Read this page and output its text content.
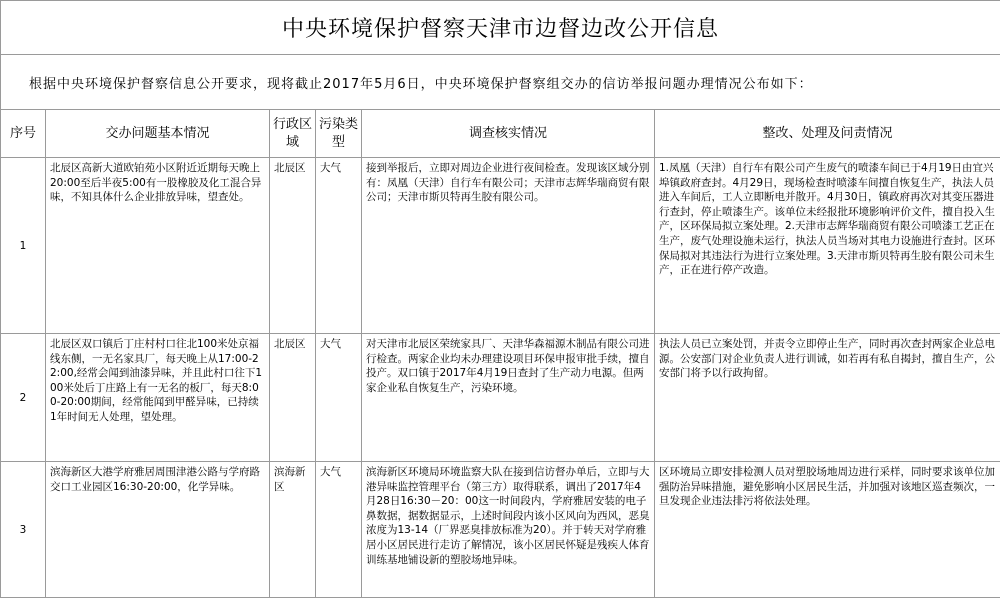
中央环境保护督察天津市边督边改公开信息					
根据中央环境保护督察信息公开要求，现将截止2017年5月6日，中央环境保护督察组交办的信访举报问题办理情况公布如下：					
序号	交办问题基本情况	行政区域	污染类型	调查核实情况	整改、处理及问责情况
1	北辰区高新大道欧铂苑小区附近近期每天晚上20:00至后半夜5:00有一股橡胶及化工混合异味，不知具体什么企业排放异味，望查处。	北辰区	大气	接到举报后，立即对周边企业进行夜间检查。发现该区域分别有：凤凰（天津）自行车有限公司；天津市志辉华瑞商贸有限公司；天津市斯贝特再生胶有限公司。	1.凤凰（天津）自行车有限公司产生废气的喷漆车间已于4月19日由宜兴埠镇政府查封。4月29日，现场检查时喷漆车间擅自恢复生产，执法人员进入车间后，工人立即断电并散开。4月30日，镇政府再次对其变压器进行查封，停止喷漆生产。该单位未经报批环境影响评价文件，擅自投入生产，区环保局拟立案处理。2.天津市志辉华瑞商贸有限公司喷漆工艺正在生产，废气处理设施未运行，执法人员当场对其电力设施进行查封。区环保局拟对其违法行为进行立案处理。3.天津市斯贝特再生胶有限公司未生产，正在进行停产改造。
2	北辰区双口镇后丁庄村村口往北100米处京福线东侧，一无名家具厂，每天晚上从17:00-22:00,经常会闻到油漆异味，并且此村口往下100米处后丁庄路上有一无名的板厂，每天8:00-20:00期间，经常能闻到甲醛异味，已持续1年时间无人处理，望处理。	北辰区	大气	对天津市北辰区荣统家具厂、天津华森福源木制品有限公司进行检查。两家企业均未办理建设项目环保申报审批手续，擅自投产。双口镇于2017年4月19日查封了生产动力电源。但两家企业私自恢复生产，污染环境。	执法人员已立案处罚，并责令立即停止生产，同时再次查封两家企业总电源。公安部门对企业负责人进行训诫，如若再有私自揭封，擅自生产，公安部门将予以行政拘留。
3	滨海新区大港学府雅居周围津港公路与学府路交口工业园区16:30-20:00，化学异味。	滨海新区	大气	滨海新区环境局环境监察大队在接到信访督办单后，立即与大港异味监控管理平台（第三方）取得联系，调出了2017年4月28日16:30－20：00这一时间段内，学府雅居安装的电子鼻数据，据数据显示，上述时间段内该小区风向为西风，恶臭浓度为13-14（厂界恶臭排放标准为20）。并于转天对学府雅居小区居民进行走访了解情况，该小区居民怀疑是残疾人体育训练基地铺设新的塑胶场地异味。	区环境局立即安排检测人员对塑胶场地周边进行采样，同时要求该单位加强防治异味措施，避免影响小区居民生活，并加强对该地区巡查频次，一旦发现企业违法排污将依法处理。
